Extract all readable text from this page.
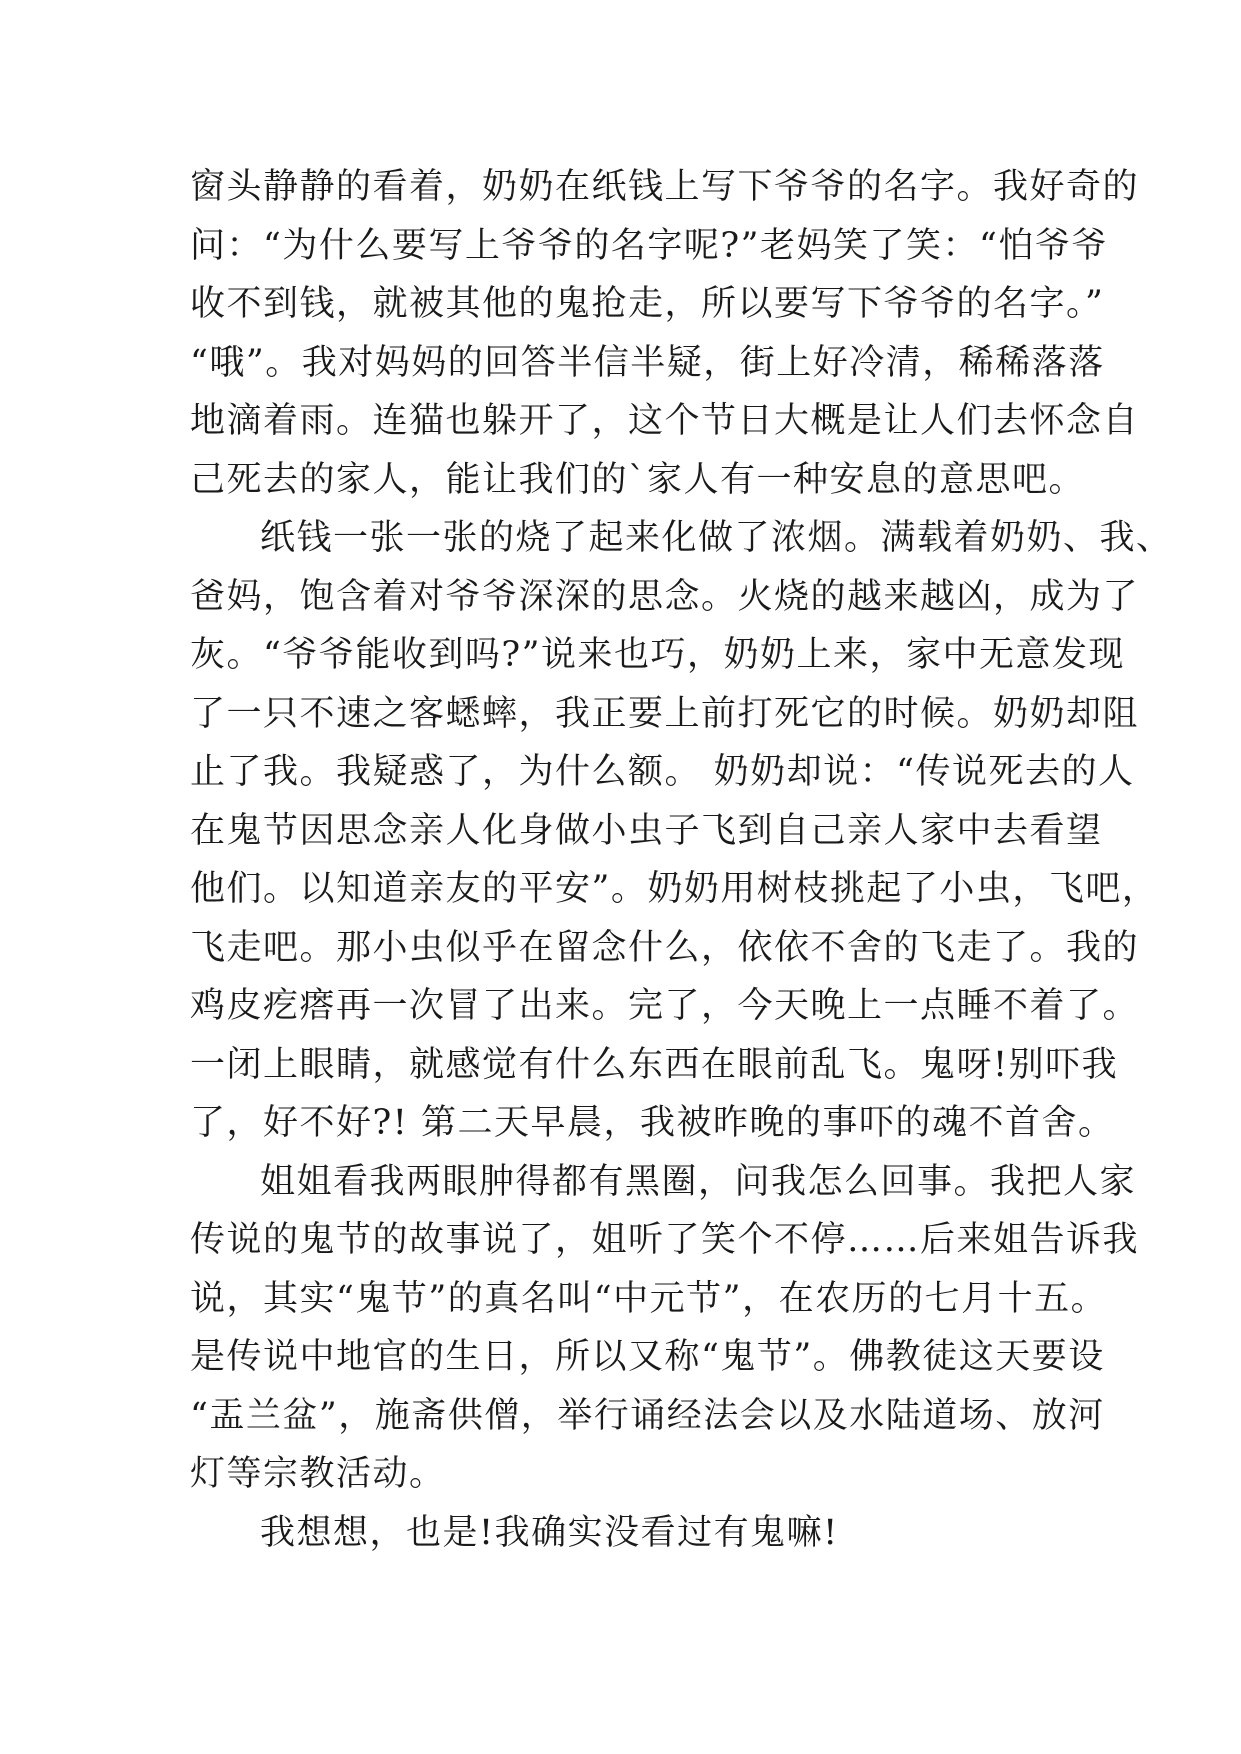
窗头静静的看着，奶奶在纸钱上写下爷爷的名字。我好奇的
问：“为什么要写上爷爷的名字呢?”老妈笑了笑：“怕爷爷
收不到钱，就被其他的鬼抢走，所以要写下爷爷的名字。”
“哦”。我对妈妈的回答半信半疑，街上好冷清，稀稀落落
地滴着雨。连猫也躲开了，这个节日大概是让人们去怀念自
己死去的家人，能让我们的`家人有一种安息的意思吧。
纸钱一张一张的烧了起来化做了浓烟。满载着奶奶、我、
爸妈，饱含着对爷爷深深的思念。火烧的越来越凶，成为了
灰。“爷爷能收到吗?”说来也巧，奶奶上来，家中无意发现
了一只不速之客蟋蟀，我正要上前打死它的时候。奶奶却阻
止了我。我疑惑了，为什么额。 奶奶却说：“传说死去的人
在鬼节因思念亲人化身做小虫子飞到自己亲人家中去看望
他们。以知道亲友的平安”。奶奶用树枝挑起了小虫，飞吧，
飞走吧。那小虫似乎在留念什么，依依不舍的飞走了。我的
鸡皮疙瘩再一次冒了出来。完了，今天晚上一点睡不着了。
一闭上眼睛，就感觉有什么东西在眼前乱飞。鬼呀!别吓我
了，好不好?! 第二天早晨，我被昨晚的事吓的魂不首舍。
姐姐看我两眼肿得都有黑圈，问我怎么回事。我把人家
传说的鬼节的故事说了，姐听了笑个不停……后来姐告诉我
说，其实“鬼节”的真名叫“中元节”，在农历的七月十五。
是传说中地官的生日，所以又称“鬼节”。佛教徒这天要设
“盂兰盆”，施斋供僧，举行诵经法会以及水陆道场、放河
灯等宗教活动。
我想想，也是!我确实没看过有鬼嘛!
